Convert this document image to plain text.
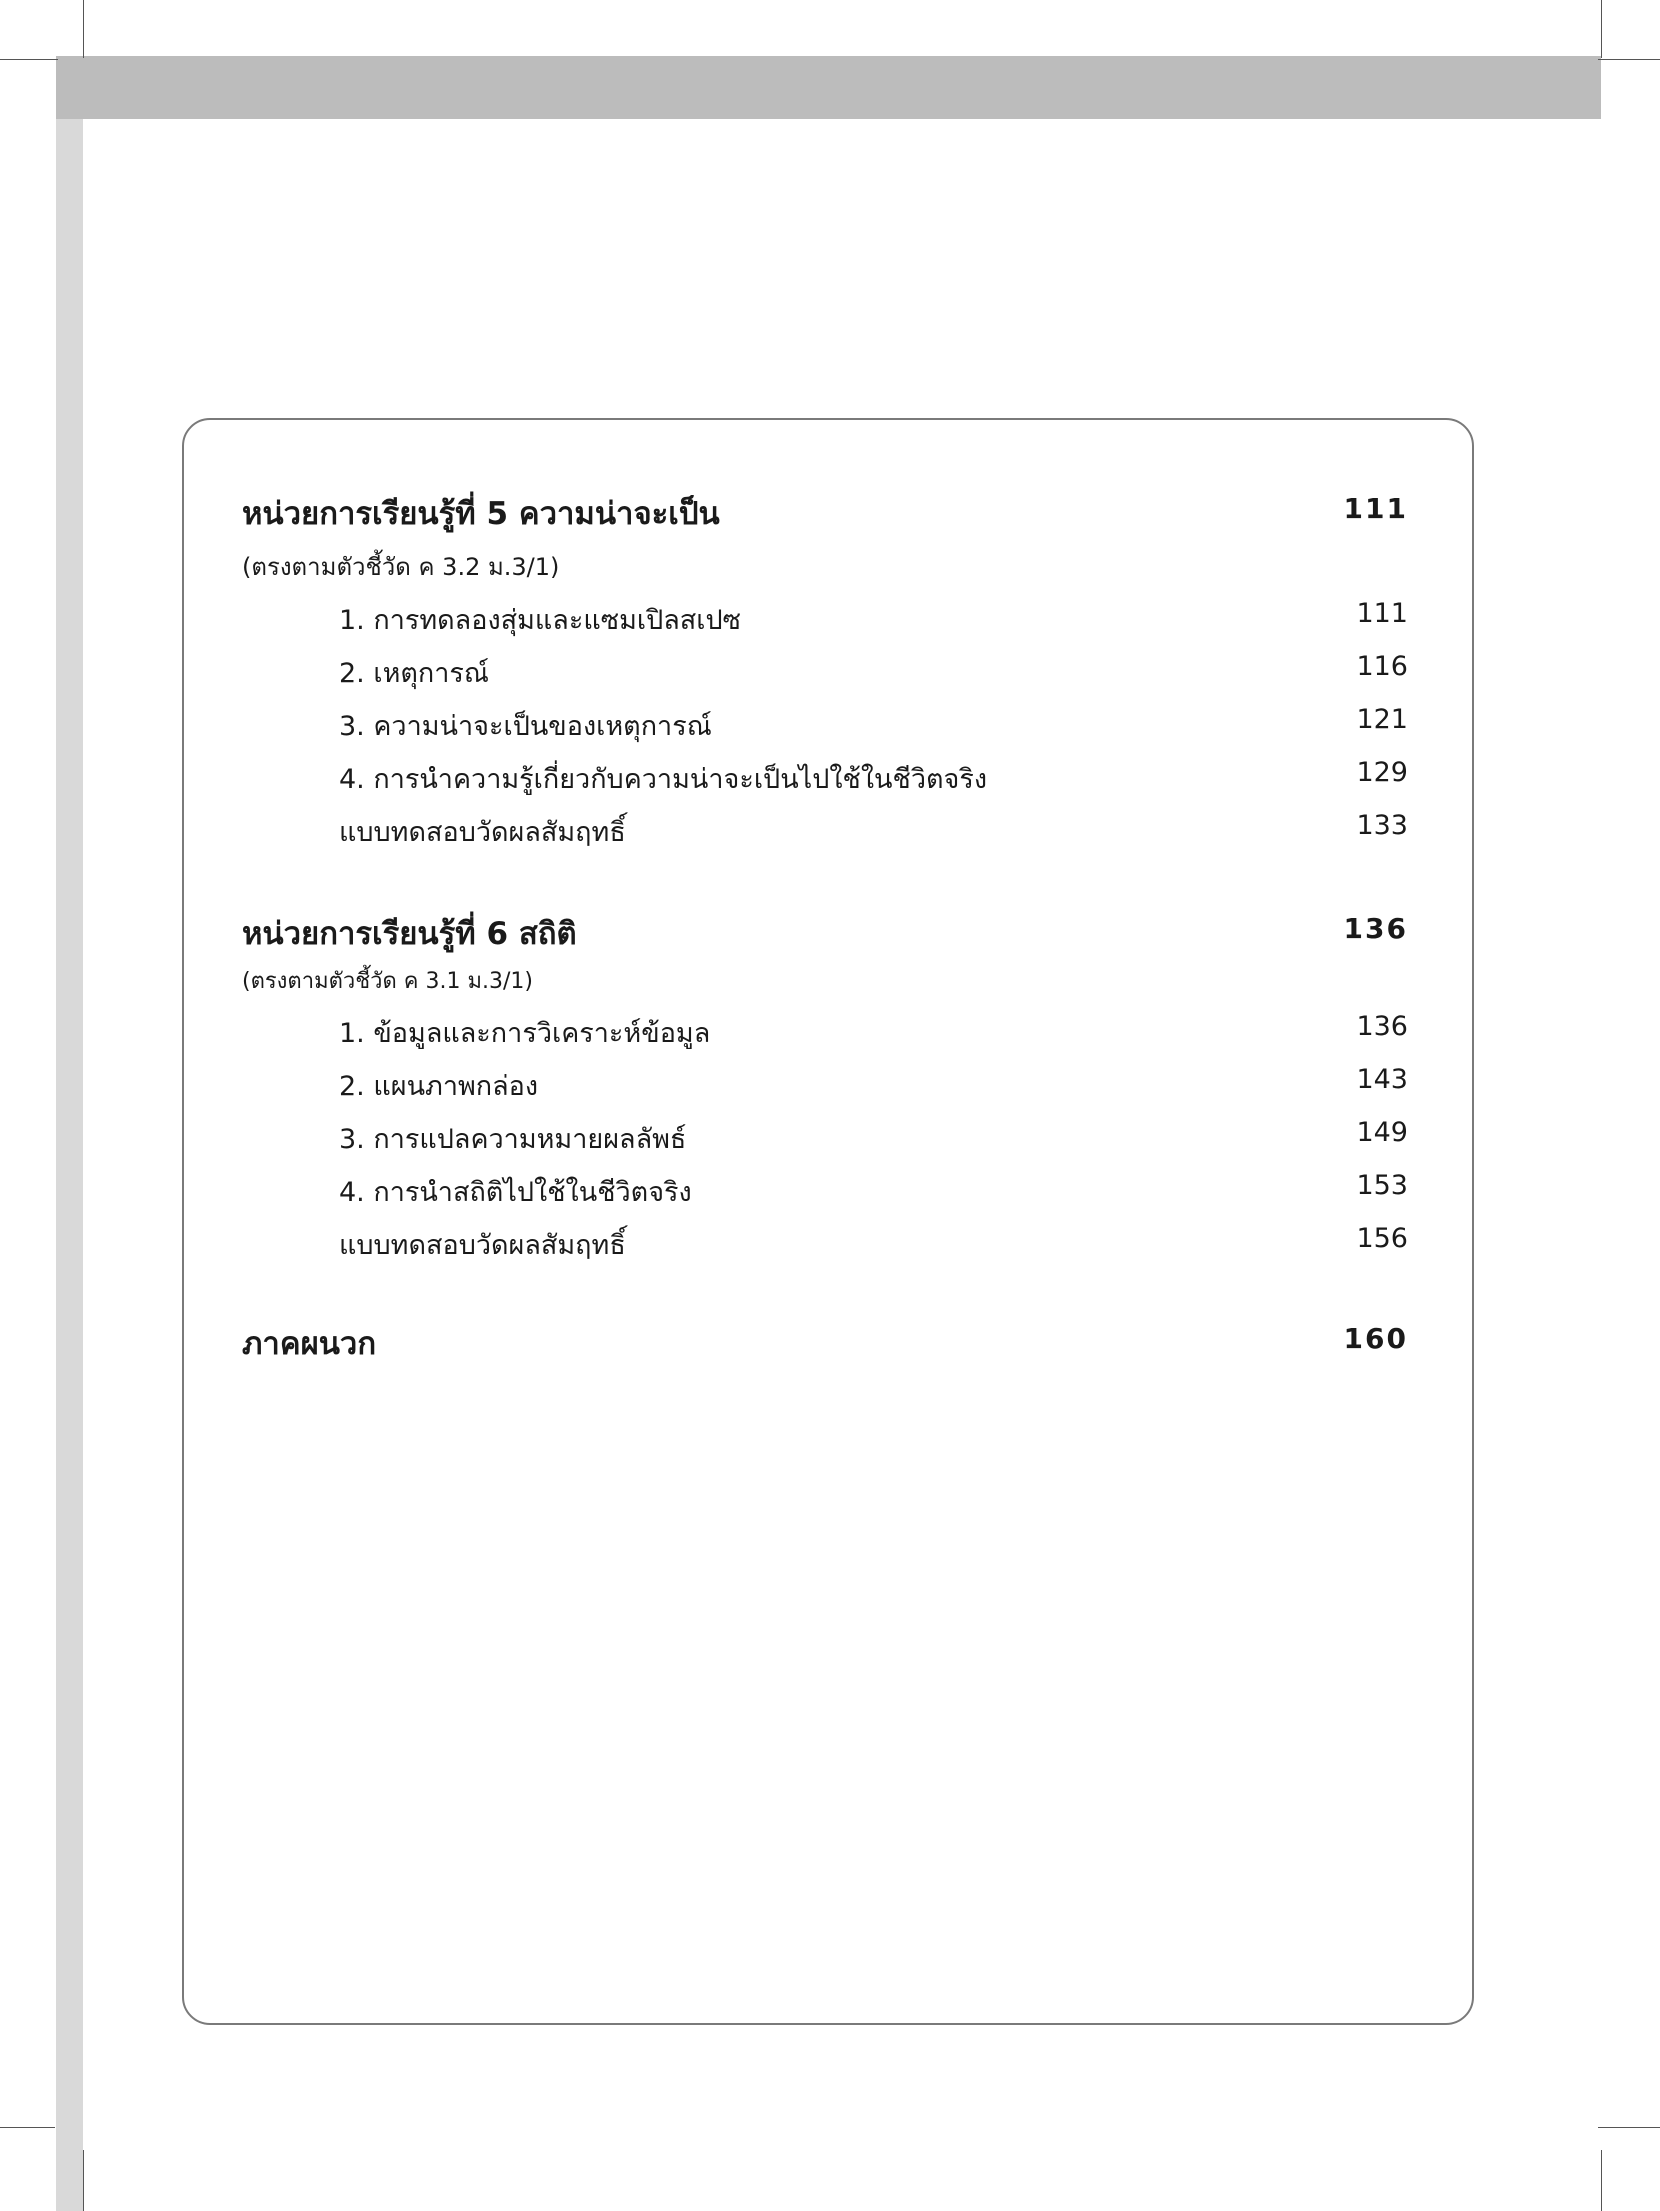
หน่วยการเรียนรู้ที่ 5 ความน่าจะเป็น	111
(ตรงตามตัวชี้วัด ค 3.2 ม.3/1)
1. การทดลองสุ่มและแซมเปิลสเปซ	111
2. เหตุการณ์	116
3. ความน่าจะเป็นของเหตุการณ์	121
4. การนำความรู้เกี่ยวกับความน่าจะเป็นไปใช้ในชีวิตจริง	129
แบบทดสอบวัดผลสัมฤทธิ์	133
หน่วยการเรียนรู้ที่ 6 สถิติ	136
(ตรงตามตัวชี้วัด ค 3.1 ม.3/1)
1. ข้อมูลและการวิเคราะห์ข้อมูล	136
2. แผนภาพกล่อง	143
3. การแปลความหมายผลลัพธ์	149
4. การนำสถิติไปใช้ในชีวิตจริง	153
แบบทดสอบวัดผลสัมฤทธิ์	156
ภาคผนวก	160
